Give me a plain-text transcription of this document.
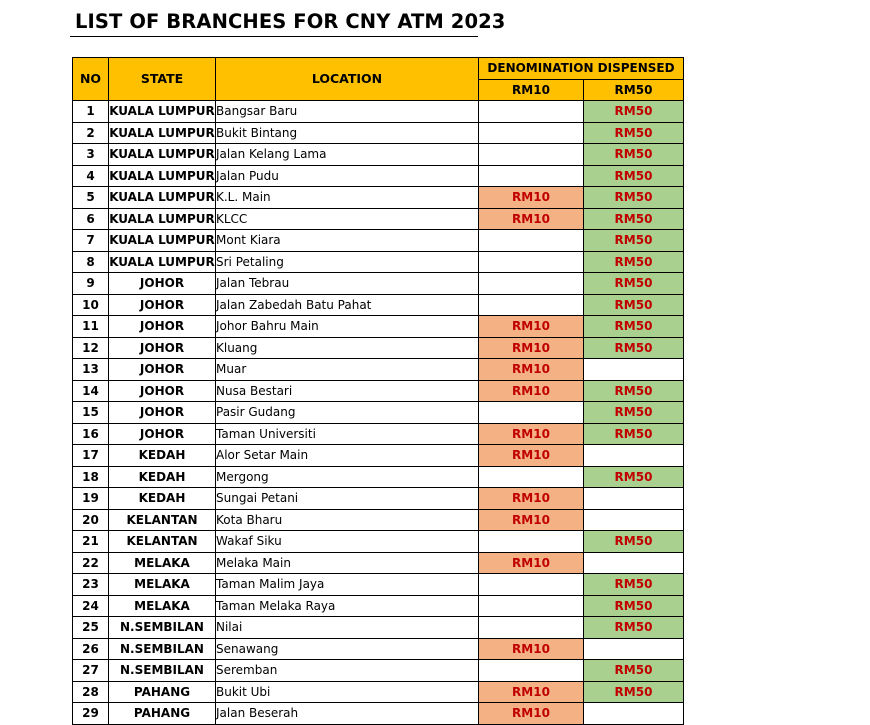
LIST OF BRANCHES FOR CNY ATM 2023
NO	STATE	LOCATION	DENOMINATION DISPENSED	
			RM10	RM50
1	KUALA LUMPUR	Bangsar Baru		RM50
2	KUALA LUMPUR	Bukit Bintang		RM50
3	KUALA LUMPUR	Jalan Kelang Lama		RM50
4	KUALA LUMPUR	Jalan Pudu		RM50
5	KUALA LUMPUR	K.L. Main	RM10	RM50
6	KUALA LUMPUR	KLCC	RM10	RM50
7	KUALA LUMPUR	Mont Kiara		RM50
8	KUALA LUMPUR	Sri Petaling		RM50
9	JOHOR	Jalan Tebrau		RM50
10	JOHOR	Jalan Zabedah Batu Pahat		RM50
11	JOHOR	Johor Bahru Main	RM10	RM50
12	JOHOR	Kluang	RM10	RM50
13	JOHOR	Muar	RM10	
14	JOHOR	Nusa Bestari	RM10	RM50
15	JOHOR	Pasir Gudang		RM50
16	JOHOR	Taman Universiti	RM10	RM50
17	KEDAH	Alor Setar Main	RM10	
18	KEDAH	Mergong		RM50
19	KEDAH	Sungai Petani	RM10	
20	KELANTAN	Kota Bharu	RM10	
21	KELANTAN	Wakaf Siku		RM50
22	MELAKA	Melaka Main	RM10	
23	MELAKA	Taman Malim Jaya		RM50
24	MELAKA	Taman Melaka Raya		RM50
25	N.SEMBILAN	Nilai		RM50
26	N.SEMBILAN	Senawang	RM10	
27	N.SEMBILAN	Seremban		RM50
28	PAHANG	Bukit Ubi	RM10	RM50
29	PAHANG	Jalan Beserah	RM10	
